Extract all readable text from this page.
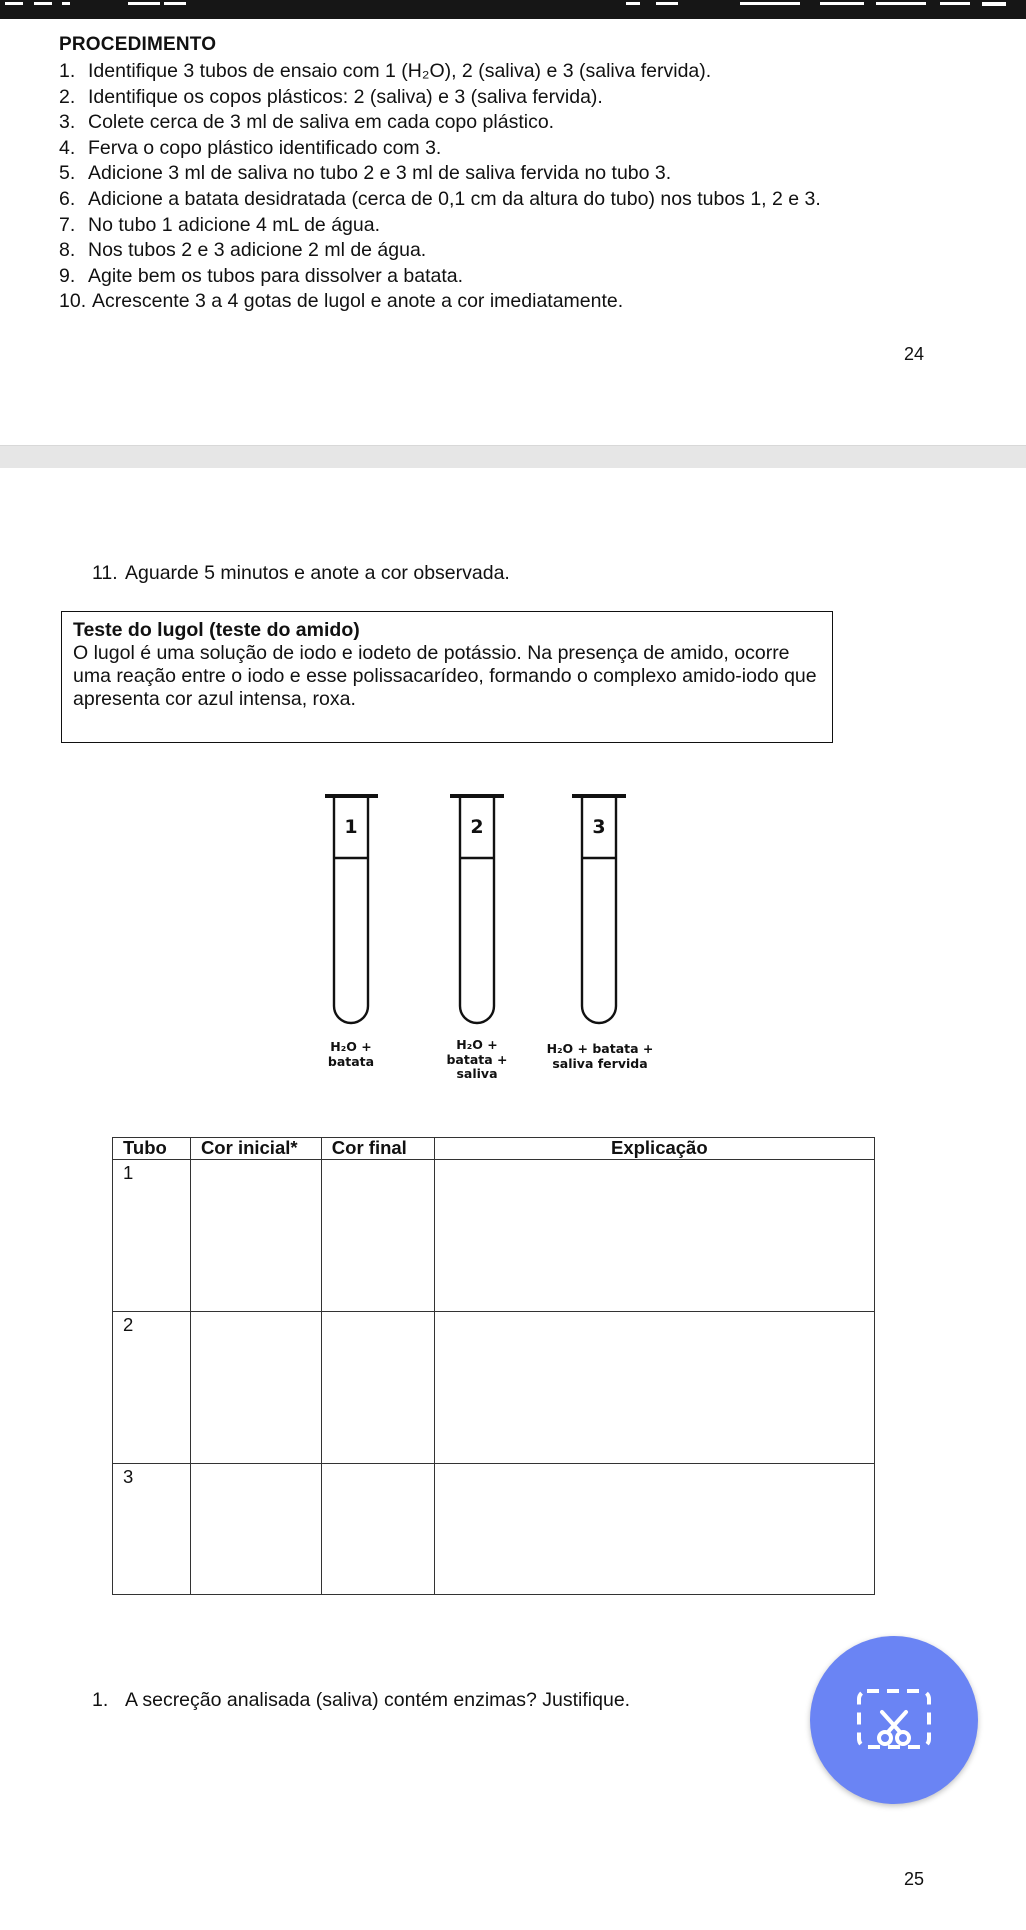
PROCEDIMENTO
1. Identifique 3 tubos de ensaio com 1 (H₂O), 2 (saliva) e 3 (saliva fervida).
2. Identifique os copos plásticos: 2 (saliva) e 3 (saliva fervida).
3. Colete cerca de 3 ml de saliva em cada copo plástico.
4. Ferva o copo plástico identificado com 3.
5. Adicione 3 ml de saliva no tubo 2 e 3 ml de saliva fervida no tubo 3.
6. Adicione a batata desidratada (cerca de 0,1 cm da altura do tubo) nos tubos 1, 2 e 3.
7. No tubo 1 adicione 4 mL de água.
8. Nos tubos 2 e 3 adicione 2 ml de água.
9. Agite bem os tubos para dissolver a batata.
10. Acrescente 3 a 4 gotas de lugol e anote a cor imediatamente.
24
11. Aguarde 5 minutos e anote a cor observada.
Teste do lugol (teste do amido)
O lugol é uma solução de iodo e iodeto de potássio. Na presença de amido, ocorre uma reação entre o iodo e esse polissacarídeo, formando o complexo amido-iodo que apresenta cor azul intensa, roxa.
1	2	3
H₂O +
batata
H₂O +
batata +
saliva
H₂O + batata +
saliva fervida
Tubo	Cor inicial*	Cor final	Explicação
1			
2			
3			
1. A secreção analisada (saliva) contém enzimas? Justifique.
25
